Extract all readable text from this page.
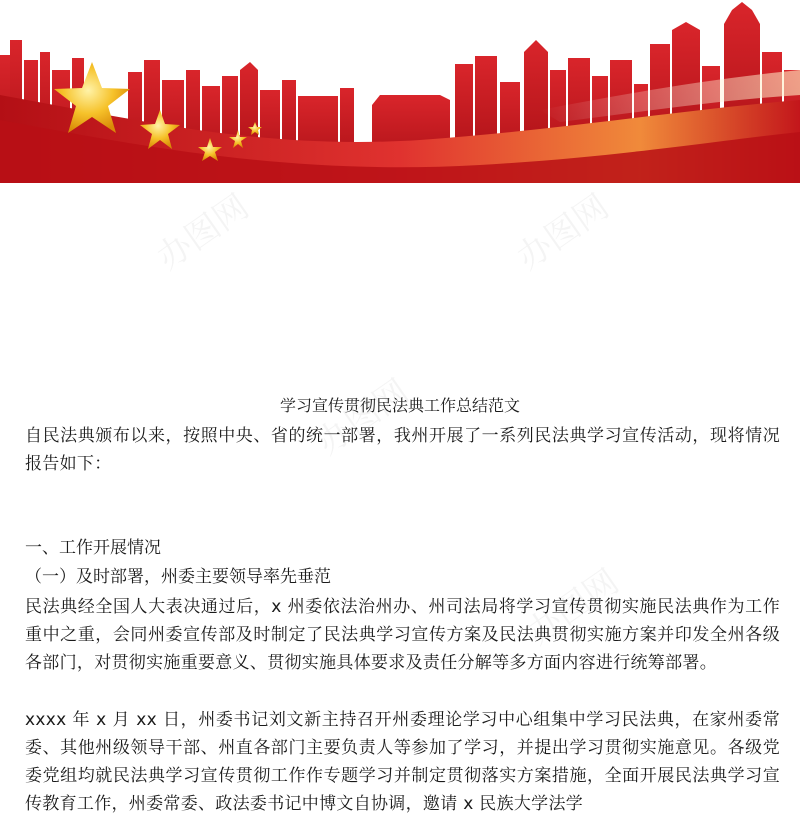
学习宣传贯彻民法典工作总结范文
自民法典颁布以来，按照中央、省的统一部署，我州开展了一系列民法典学习宣传活动，现将情况报告如下：
一、工作开展情况
（一）及时部署，州委主要领导率先垂范
民法典经全国人大表决通过后，x 州委依法治州办、州司法局将学习宣传贯彻实施民法典作为工作重中之重，会同州委宣传部及时制定了民法典学习宣传方案及民法典贯彻实施方案并印发全州各级各部门，对贯彻实施重要意义、贯彻实施具体要求及责任分解等多方面内容进行统筹部署。
xxxx 年 x 月 xx 日，州委书记刘文新主持召开州委理论学习中心组集中学习民法典，在家州委常委、其他州级领导干部、州直各部门主要负责人等参加了学习，并提出学习贯彻实施意见。各级党委党组均就民法典学习宣传贯彻工作作专题学习并制定贯彻落实方案措施，全面开展民法典学习宣传教育工作，州委常委、政法委书记中博文自协调，邀请 x 民族大学法学
